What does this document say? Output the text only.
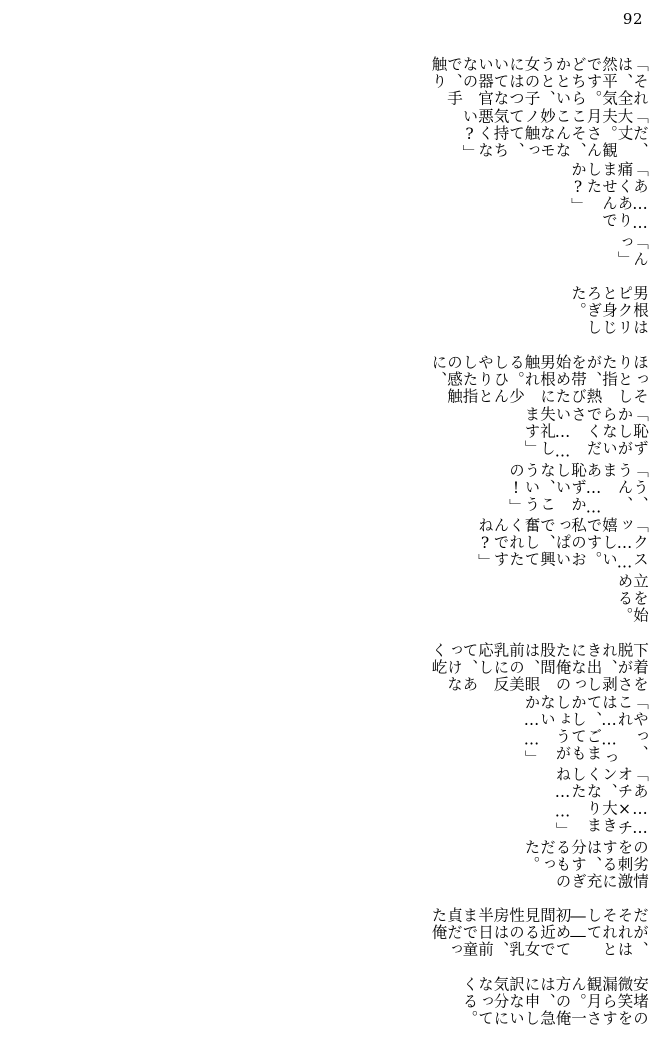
92
安堵の微笑を漏らす観月さん。一方の俺は、急に申し訳ない気分になってくる。
だが、それはそれとして――初めて間近で見る女性の乳房は、半日前まで童貞だった俺
の劣情を刺激するには、充分すぎるものだった。
「あ……オチ×チン、大きくなりましたね……」
「やっ、これは……って、ごまかしてもしょうがないか……」
下着を脱がされ、剥き出しになった俺の股間は、眼前の美乳に反応して、あっけなく屹
立を始める。
「クスッ……嬉しいです。私のおっぱいで、興奮してくれたんですね?」
「う、うん、まあ……恥ずかしいな、こういうの!」
「恥ずかしがらないでください……失礼します」
ほっそりとした指が、熱を帯び始めた男根に触れる。少しひんやりとした指の感触に、
男根はピクリと身じろぎした。
「んっ」
「あ……痛くありませんでしたか?」
「だ、大丈夫。観月さんこそ、こんな妙なモノ触ってて、気持ち悪くない?」
「それは、全然平気です。どちらかというと、女の子にはついてない器官なので、手触り
